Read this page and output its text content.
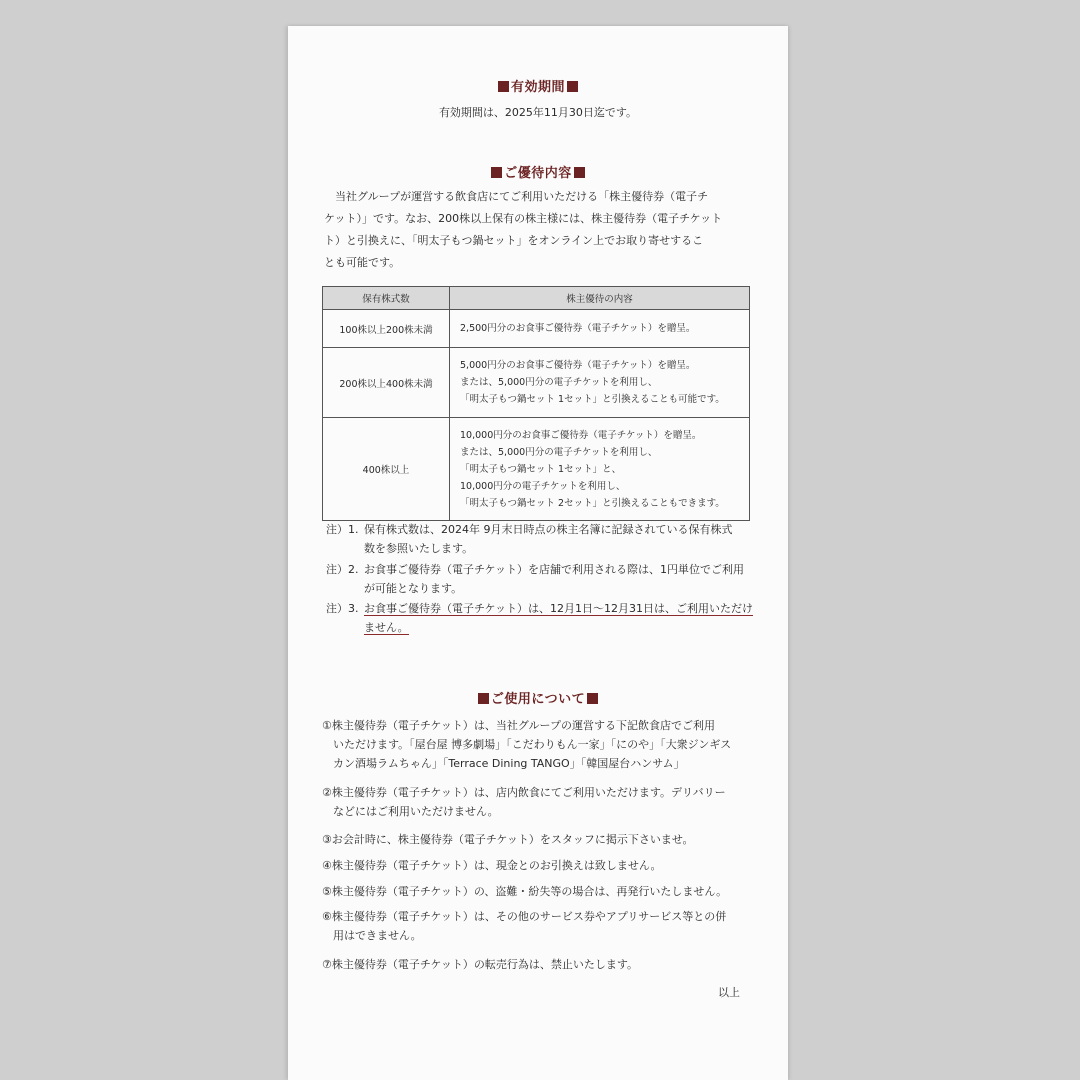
有効期間
有効期間は、2025年11月30日迄です。
ご優待内容
当社グループが運営する飲食店にてご利用いただける「株主優待券（電子チ
ケット）」です。なお、200株以上保有の株主様には、株主優待券（電子チケット
ト）と引換えに、「明太子もつ鍋セット」をオンライン上でお取り寄せするこ
とも可能です。
保有株式数	株主優待の内容
100株以上200株未満	2,500円分のお食事ご優待券（電子チケット）を贈呈。

200株以上400株未満	5,000円分のお食事ご優待券（電子チケット）を贈呈。
または、5,000円分の電子チケットを利用し、
「明太子もつ鍋セット 1セット」と引換えることも可能です。

400株以上	10,000円分のお食事ご優待券（電子チケット）を贈呈。
または、5,000円分の電子チケットを利用し、
「明太子もつ鍋セット 1セット」と、
10,000円分の電子チケットを利用し、
「明太子もつ鍋セット 2セット」と引換えることもできます。
注）1. 保有株式数は、2024年 9月末日時点の株主名簿に記録されている保有株式
数を参照いたします。
注）2. お食事ご優待券（電子チケット）を店舗で利用される際は、1円単位でご利用
が可能となります。
注）3. お食事ご優待券（電子チケット）は、12月1日〜12月31日は、ご利用いただけ
ません。
ご使用について
①株主優待券（電子チケット）は、当社グループの運営する下記飲食店でご利用
　いただけます。「屋台屋 博多劇場」「こだわりもん一家」「にのや」「大衆ジンギス
　カン酒場ラムちゃん」「Terrace Dining TANGO」「韓国屋台ハンサム」
②株主優待券（電子チケット）は、店内飲食にてご利用いただけます。デリバリー
　などにはご利用いただけません。
③お会計時に、株主優待券（電子チケット）をスタッフに掲示下さいませ。
④株主優待券（電子チケット）は、現金とのお引換えは致しません。
⑤株主優待券（電子チケット）の、盗難・紛失等の場合は、再発行いたしません。
⑥株主優待券（電子チケット）は、その他のサービス券やアプリサービス等との併
　用はできません。
⑦株主優待券（電子チケット）の転売行為は、禁止いたします。
以上
